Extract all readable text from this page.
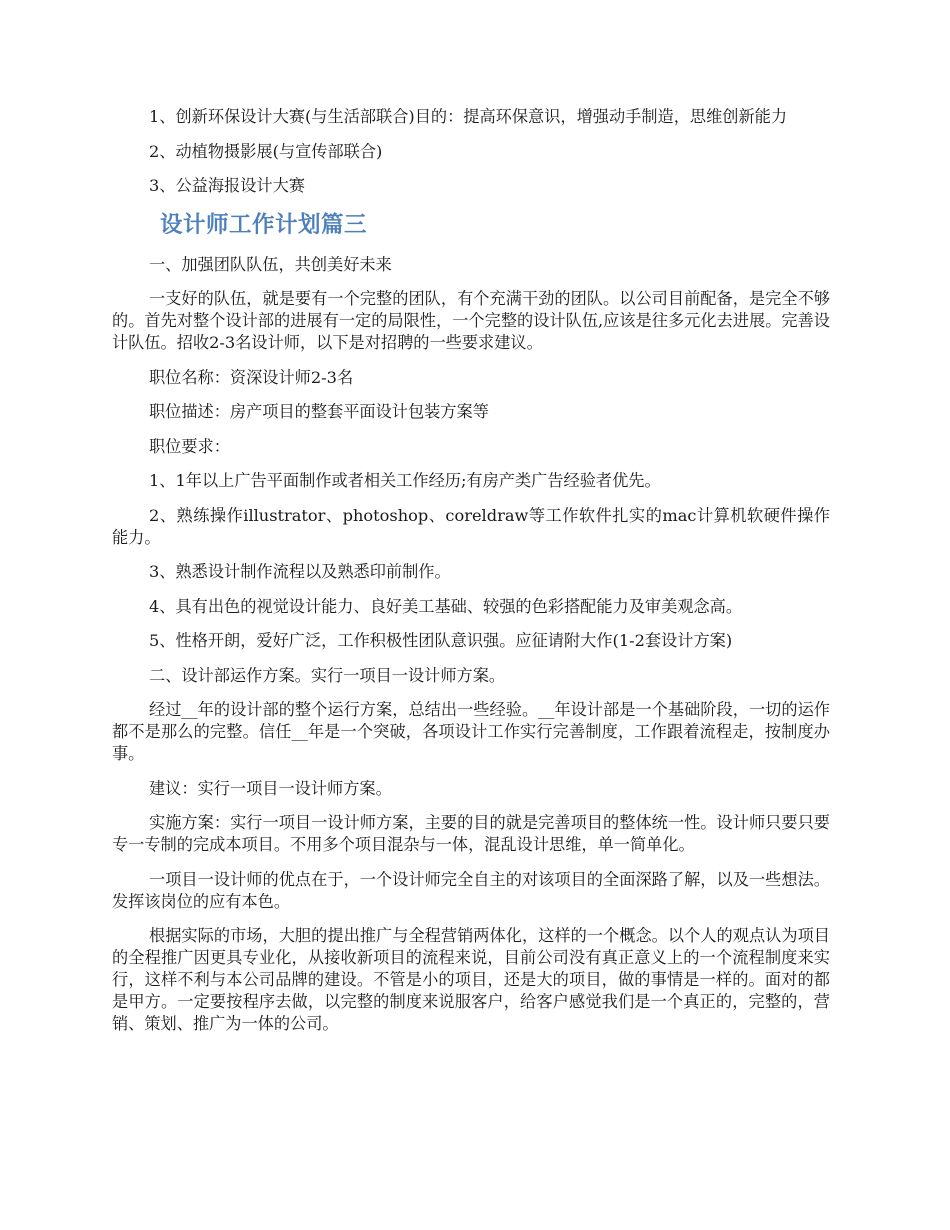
1、创新环保设计大赛(与生活部联合)目的：提高环保意识，增强动手制造，思维创新能力

2、动植物摄影展(与宣传部联合)

3、公益海报设计大赛

设计师工作计划篇三

一、加强团队队伍，共创美好未来

一支好的队伍，就是要有一个完整的团队，有个充满干劲的团队。以公司目前配备，是完全不够的。首先对整个设计部的进展有一定的局限性，一个完整的设计队伍,应该是往多元化去进展。完善设计队伍。招收2-3名设计师，以下是对招聘的一些要求建议。

职位名称：资深设计师2-3名

职位描述：房产项目的整套平面设计包装方案等

职位要求：

1、1年以上广告平面制作或者相关工作经历;有房产类广告经验者优先。

2、熟练操作illustrator、photoshop、coreldraw等工作软件扎实的mac计算机软硬件操作能力。

3、熟悉设计制作流程以及熟悉印前制作。

4、具有出色的视觉设计能力、良好美工基础、较强的色彩搭配能力及审美观念高。

5、性格开朗，爱好广泛，工作积极性团队意识强。应征请附大作(1-2套设计方案)

二、设计部运作方案。实行一项目一设计师方案。

经过__年的设计部的整个运行方案，总结出一些经验。__年设计部是一个基础阶段，一切的运作都不是那么的完整。信任__年是一个突破，各项设计工作实行完善制度，工作跟着流程走，按制度办事。

建议：实行一项目一设计师方案。

实施方案：实行一项目一设计师方案，主要的目的就是完善项目的整体统一性。设计师只要只要专一专制的完成本项目。不用多个项目混杂与一体，混乱设计思维，单一简单化。

一项目一设计师的优点在于，一个设计师完全自主的对该项目的全面深路了解，以及一些想法。发挥该岗位的应有本色。

根据实际的市场，大胆的提出推广与全程营销两体化，这样的一个概念。以个人的观点认为项目的全程推广因更具专业化，从接收新项目的流程来说，目前公司没有真正意义上的一个流程制度来实行，这样不利与本公司品牌的建设。不管是小的项目，还是大的项目，做的事情是一样的。面对的都是甲方。一定要按程序去做，以完整的制度来说服客户，给客户感觉我们是一个真正的，完整的，营销、策划、推广为一体的公司。
